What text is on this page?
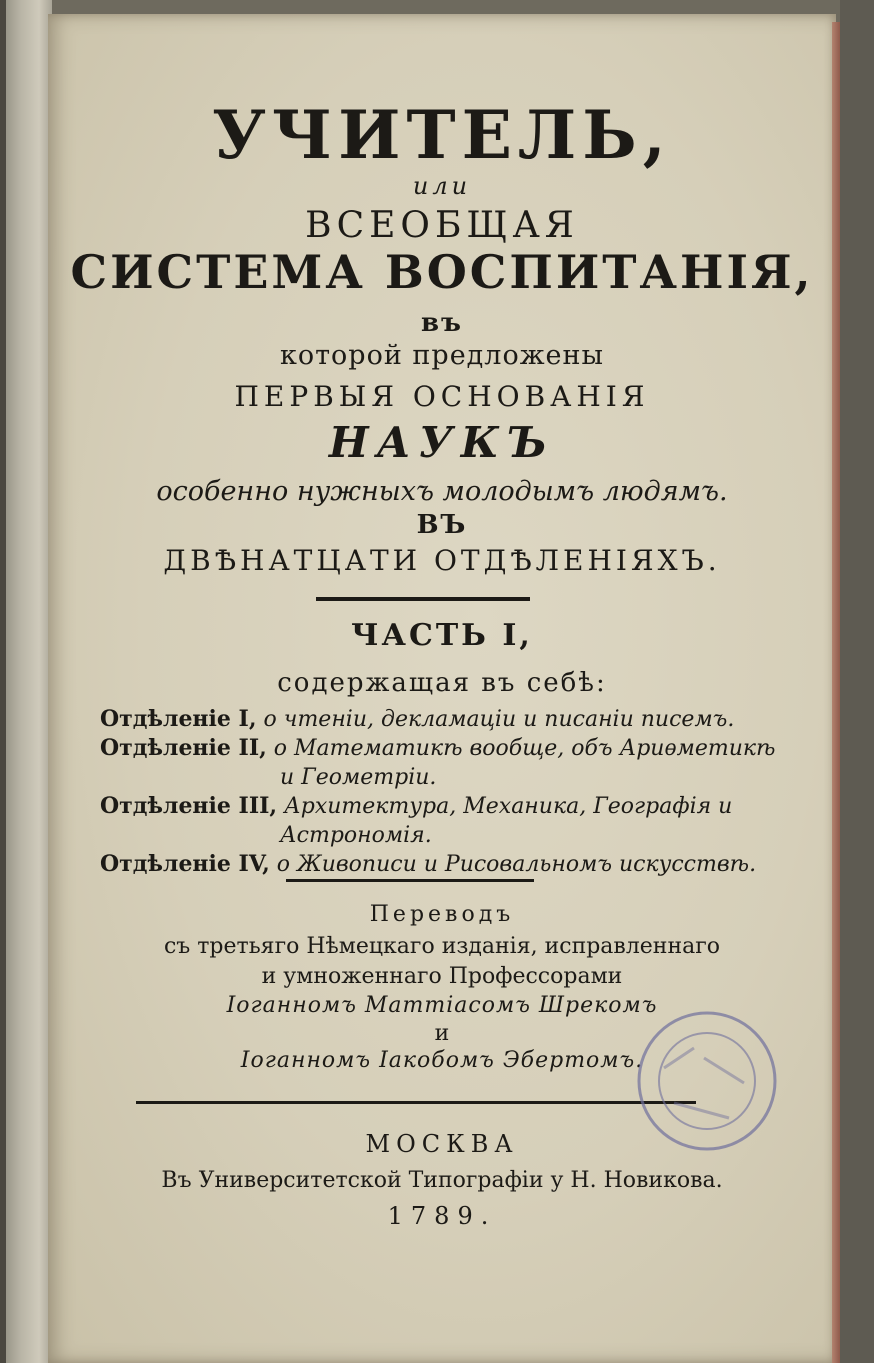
УЧИТЕЛЬ,
или
ВСЕОБЩАЯ
СИСТЕМА ВОСПИТАНІЯ,
въ
которой предложены
ПЕРВЫЯ ОСНОВАНІЯ
НАУКЪ
особенно нужныхъ молодымъ людямъ.
ВЪ
ДВѢНАТЦАТИ ОТДѢЛЕНІЯХЪ.
ЧАСТЬ I,
содержащая въ себѣ:
Отдѣленіе I, о чтеніи, декламаціи и писаніи писемъ.
Отдѣленіе II, о Математикѣ вообще, объ Ариѳметикѣ
и Геометріи.
Отдѣленіе III, Архитектура, Механика, Географія и
Астрономія.
Отдѣленіе IV, о Живописи и Рисовальномъ искусствѣ.
Переводъ
съ третьяго Нѣмецкаго изданія, исправленнаго
и умноженнаго Профессорами
Іоганномъ Маттіасомъ Шрекомъ
и
Іоганномъ Іакобомъ Эбертомъ.
МОСКВА
Въ Университетской Типографіи у Н. Новикова.
1789.
